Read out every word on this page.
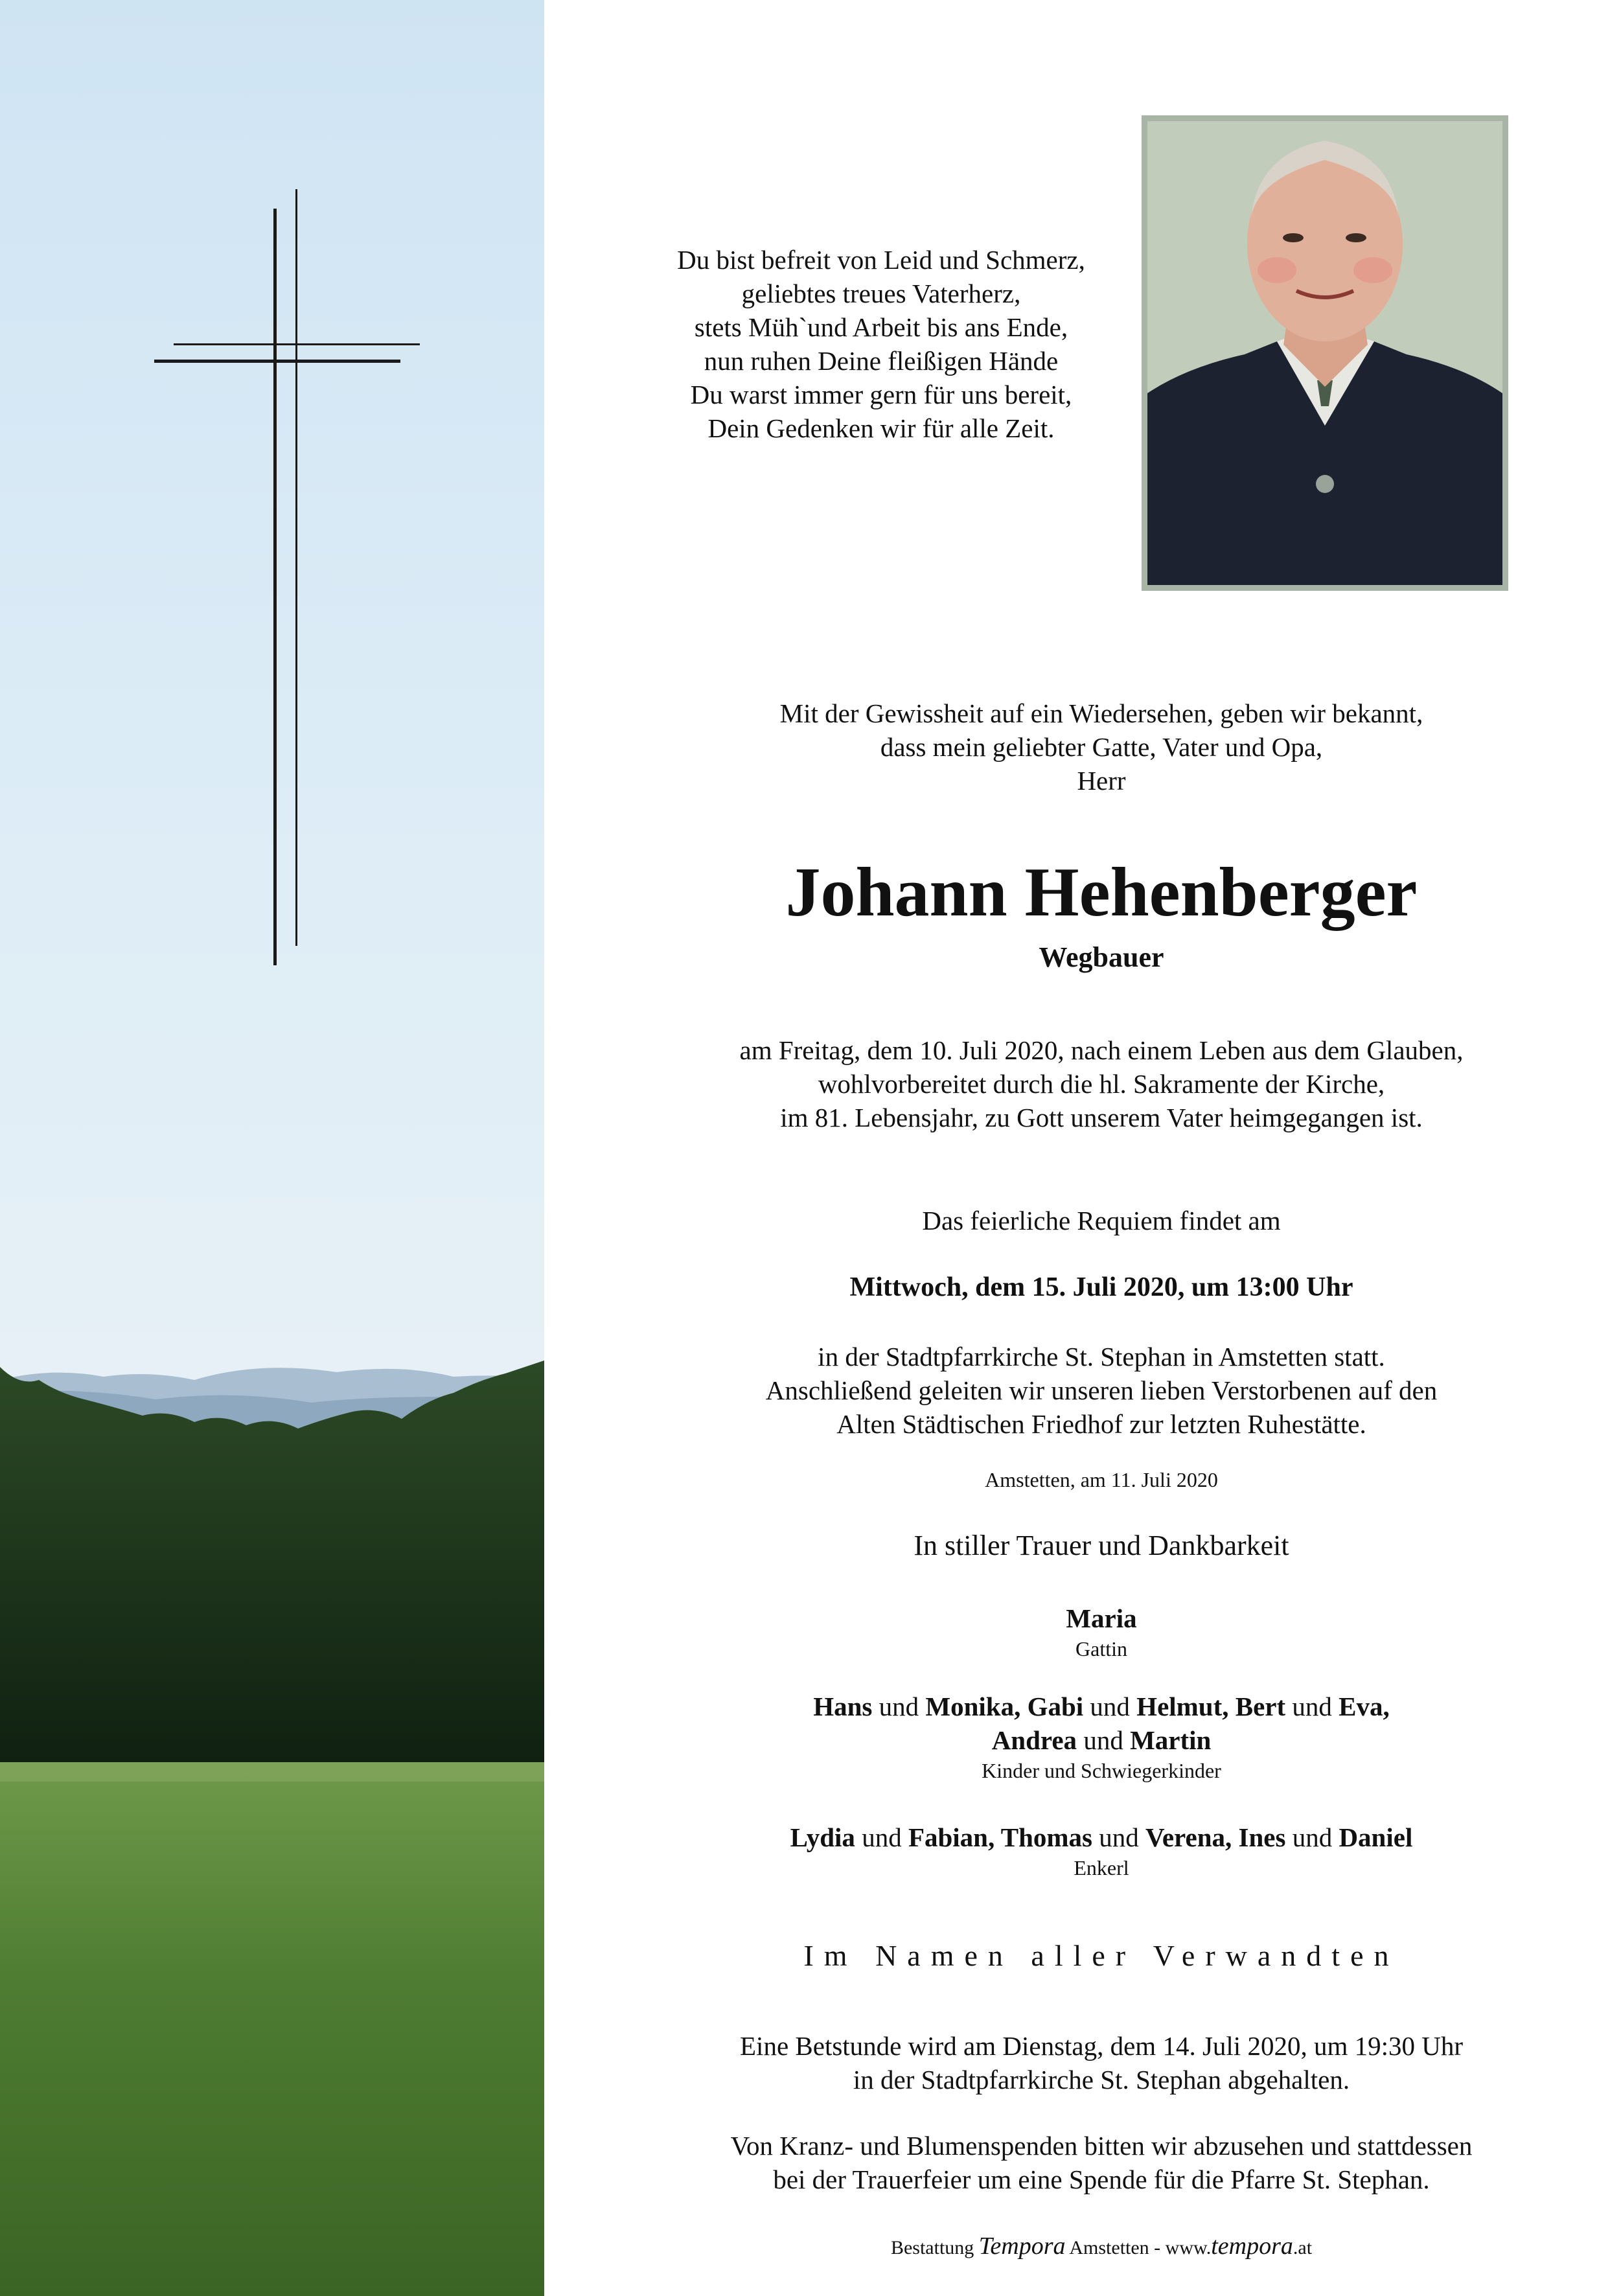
Du bist befreit von Leid und Schmerz,
geliebtes treues Vaterherz,
stets Müh`und Arbeit bis ans Ende,
nun ruhen Deine fleißigen Hände
Du warst immer gern für uns bereit,
Dein Gedenken wir für alle Zeit.
Mit der Gewissheit auf ein Wiedersehen, geben wir bekannt,
dass mein geliebter Gatte, Vater und Opa,
Herr
Johann Hehenberger
Wegbauer
am Freitag, dem 10. Juli 2020, nach einem Leben aus dem Glauben,
wohlvorbereitet durch die hl. Sakramente der Kirche,
im 81. Lebensjahr, zu Gott unserem Vater heimgegangen ist.
Das feierliche Requiem findet am
Mittwoch, dem 15. Juli 2020, um 13:00 Uhr
in der Stadtpfarrkirche St. Stephan in Amstetten statt.
Anschließend geleiten wir unseren lieben Verstorbenen auf den
Alten Städtischen Friedhof zur letzten Ruhestätte.
Amstetten, am 11. Juli 2020
In stiller Trauer und Dankbarkeit
Maria
Gattin
Hans und Monika, Gabi und Helmut, Bert und Eva,
Andrea und Martin
Kinder und Schwiegerkinder
Lydia und Fabian, Thomas und Verena, Ines und Daniel
Enkerl
Im Namen aller Verwandten
Eine Betstunde wird am Dienstag, dem 14. Juli 2020, um 19:30 Uhr
in der Stadtpfarrkirche St. Stephan abgehalten.
Von Kranz- und Blumenspenden bitten wir abzusehen und stattdessen
bei der Trauerfeier um eine Spende für die Pfarre St. Stephan.
Bestattung Tempora Amstetten - www.tempora.at
